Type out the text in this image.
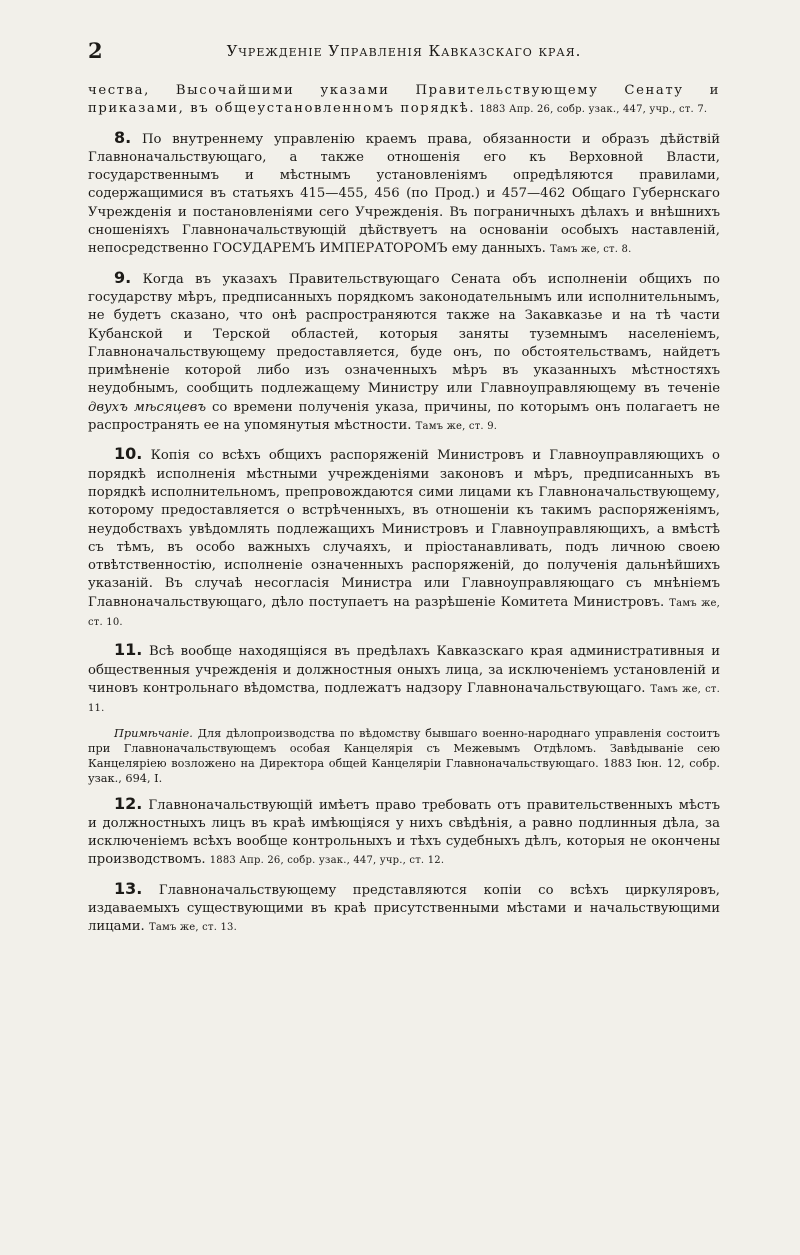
2	Учрежденіе Управленія Кавказскаго края.

чества, Высочайшими указами Правительствующему Сенату и приказами, въ общеустановленномъ порядкѣ. 1883 Апр. 26, собр. узак., 447, учр., ст. 7.

8. По внутреннему управленію краемъ права, обязанности и образъ дѣйствій Главноначальствующаго, а также отношенія его къ Верховной Власти, государственнымъ и мѣстнымъ установленіямъ опредѣляются правилами, содержащимися въ статьяхъ 415—455, 456 (по Прод.) и 457—462 Общаго Губернскаго Учрежденія и постановленіями сего Учрежденія. Въ пограничныхъ дѣлахъ и внѣшнихъ сношеніяхъ Главноначальствующій дѣйствуетъ на основаніи особыхъ наставленій, непосредственно ГОСУДАРЕМЪ ИМПЕРАТОРОМЪ ему данныхъ. Тамъ же, ст. 8.

9. Когда въ указахъ Правительствующаго Сената объ исполненіи общихъ по государству мѣръ, предписанныхъ порядкомъ законодательнымъ или исполнительнымъ, не будетъ сказано, что онѣ распространяются также на Закавказье и на тѣ части Кубанской и Терской областей, которыя заняты туземнымъ населеніемъ, Главноначальствующему предоставляется, буде онъ, по обстоятельствамъ, найдетъ примѣненіе которой либо изъ означенныхъ мѣръ въ указанныхъ мѣстностяхъ неудобнымъ, сообщить подлежащему Министру или Главноуправляющему въ теченіе двухъ мѣсяцевъ со времени полученія указа, причины, по которымъ онъ полагаетъ не распространять ее на упомянутыя мѣстности. Тамъ же, ст. 9.

10. Копія со всѣхъ общихъ распоряженій Министровъ и Главноуправляющихъ о порядкѣ исполненія мѣстными учрежденіями законовъ и мѣръ, предписанныхъ въ порядкѣ исполнительномъ, препровождаются сими лицами къ Главноначальствующему, которому предоставляется о встрѣченныхъ, въ отношеніи къ такимъ распоряженіямъ, неудобствахъ увѣдомлять подлежащихъ Министровъ и Главноуправляющихъ, а вмѣстѣ съ тѣмъ, въ особо важныхъ случаяхъ, и пріостанавливать, подъ личною своею отвѣтственностію, исполненіе означенныхъ распоряженій, до полученія дальнѣйшихъ указаній. Въ случаѣ несогласія Министра или Главноуправляющаго съ мнѣніемъ Главноначальствующаго, дѣло поступаетъ на разрѣшеніе Комитета Министровъ. Тамъ же, ст. 10.

11. Всѣ вообще находящіяся въ предѣлахъ Кавказскаго края административныя и общественныя учрежденія и должностныя оныхъ лица, за исключеніемъ установленій и чиновъ контрольнаго вѣдомства, подлежатъ надзору Главноначальствующаго. Тамъ же, ст. 11.

Примѣчаніе. Для дѣлопроизводства по вѣдомству бывшаго военно-народнаго управленія состоитъ при Главноначальствующемъ особая Канцелярія съ Межевымъ Отдѣломъ. Завѣдываніе сею Канцеляріею возложено на Директора общей Канцеляріи Главноначальствующаго. 1883 Іюн. 12, собр. узак., 694, I.

12. Главноначальствующій имѣетъ право требовать отъ правительственныхъ мѣстъ и должностныхъ лицъ въ краѣ имѣющіяся у нихъ свѣдѣнія, а равно подлинныя дѣла, за исключеніемъ всѣхъ вообще контрольныхъ и тѣхъ судебныхъ дѣлъ, которыя не окончены производствомъ. 1883 Апр. 26, собр. узак., 447, учр., ст. 12.

13. Главноначальствующему представляются копіи со всѣхъ циркуляровъ, издаваемыхъ существующими въ краѣ присутственными мѣстами и начальствующими лицами. Тамъ же, ст. 13.
